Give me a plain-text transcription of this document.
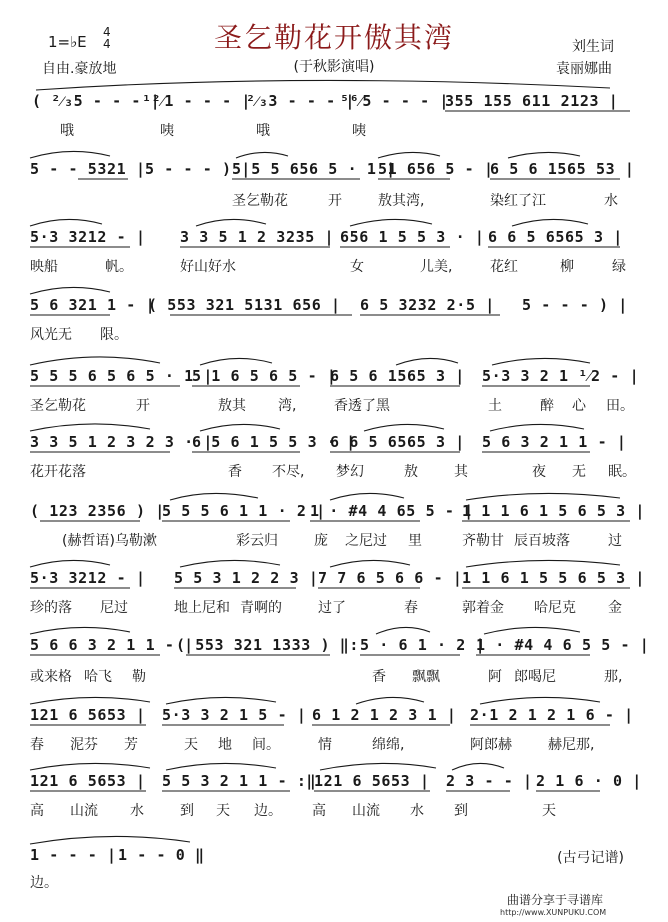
圣乞勒花开傲其湾
1=♭E
4
4
自由.豪放地	(于秋影演唱)
刘生词
袁丽娜曲
( ²⁄₃5 - - - |
¹²⁄1 - - - |
²⁄₃3 - - - |
⁵⁶⁄5 - - - |
355 155 611 2123 |
哦	咦	哦	咦
5 - - 5321 | 5 - - - ) |
5 5 5 656 5 · 1 |
51 656 5 - |
6 5 6 1565 53 |
圣乞勒花	开	敖其湾,	染红了江	水
5·3 3212 - | 3 3 5 1 2 3235 | 656 1 5 5 3 · | 6 6 5 6565 3 |
映船	帆。	好山好水	女	儿美,	花红	柳	绿
5 6 321 1 - |
( 553 321 5131 656 | 6 5 3232 2·5 | 5 - - - ) |
风光无 限。
5 5 5 6 5 6 5 · 1 |
5 1 6 5 6 5 - |
6 5 6 1565 3 | 5·3 3 2 1 ¹⁄2 - |
圣乞勒花	开	敖其 湾,	香透了黑	土	醉 心 田。
3 3 5 1 2 3 2 3 · |
6 5 6 1 5 5 3 · |
6 6 5 6565 3 | 5 6 3 2 1 1 - |
花开花落	香 不尽, 梦幻	敖	其	夜 无 眠。
( 123 2356 ) |
5 5 5 6 1 1 · 2 |
1 · #4 4 65 5 - |
1 1 1 6 1 5 6 5 3 |
(赫哲语)乌勒漱	彩云归	庞 之尼过 里	齐勒甘 辰百坡落	过
5·3 3212 - | 5 5 3 1 2 2 3 | 7 7 6 5 6 6 - | 1 1 6 1 5 5 6 5 3 |
珍的落 尼过	地上尼和 青啊的	过了	春	郭着金 哈尼克 金
5 6 6 3 2 1 1 - |
( 553 321 1333 ) ‖: 5 · 6 1 · 2 |
1 · #4 4 6 5 5 - |
或来格 哈飞 勒	香 飘飘	阿 郎喝尼	那,
121 6 5653 | 5·3 3 2 1 5 - | 6 1 2 1 2 3 1 | 2·1 2 1 2 1 6 - |
春 泥芬 芳	天 地 间。	情	绵绵,	阿郎赫	赫尼那,
121 6 5653 | 5 5 3 2 1 1 - :‖
121 6 5653 | 2 3 - - | 2 1 6 · 0 |
高 山流 水	到 天 边。 高 山流 水 到	天
1 - - - | 1 - - 0 ‖
边。
(古弓记谱)
曲谱分享于寻谱库
http://www.XUNPUKU.COM
